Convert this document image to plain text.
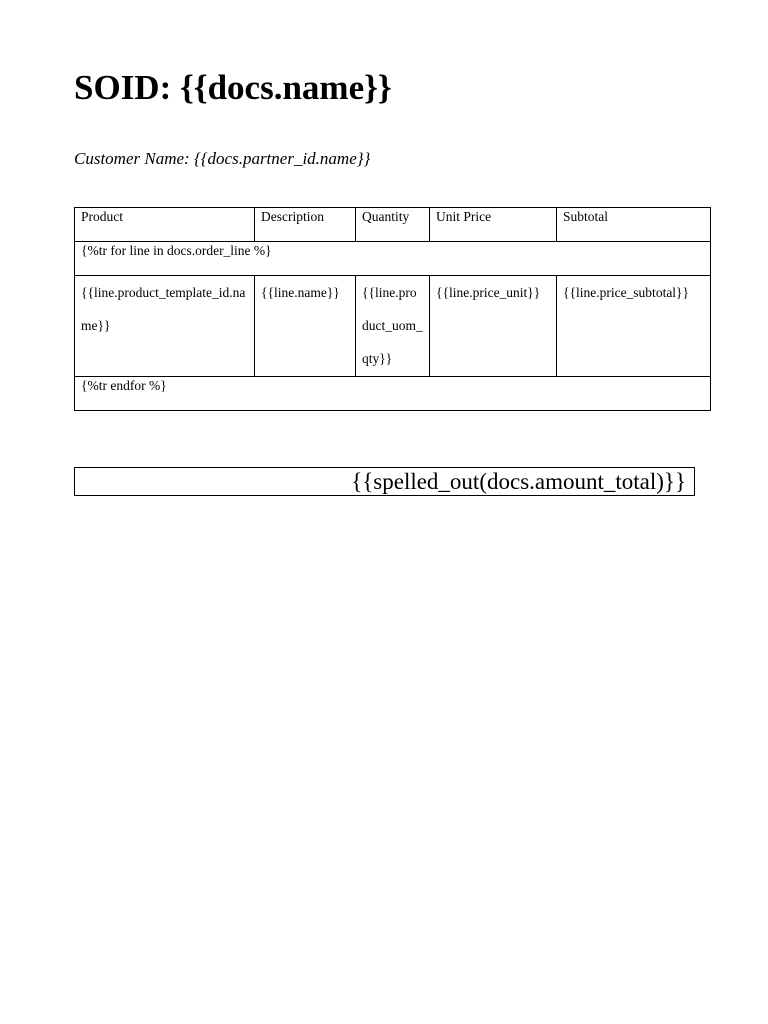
SOID: {{docs.name}}

Customer Name: {{docs.partner_id.name}}

Product	Description	Quantity	Unit Price	Subtotal

{%tr for line in docs.order_line %}				

{{line.product_template_id.name}}	{{line.name}}	{{line.product_uom_qty}}	{{line.price_unit}}	{{line.price_subtotal}}

{%tr endfor %}				
{{spelled_out(docs.amount_total)}}
